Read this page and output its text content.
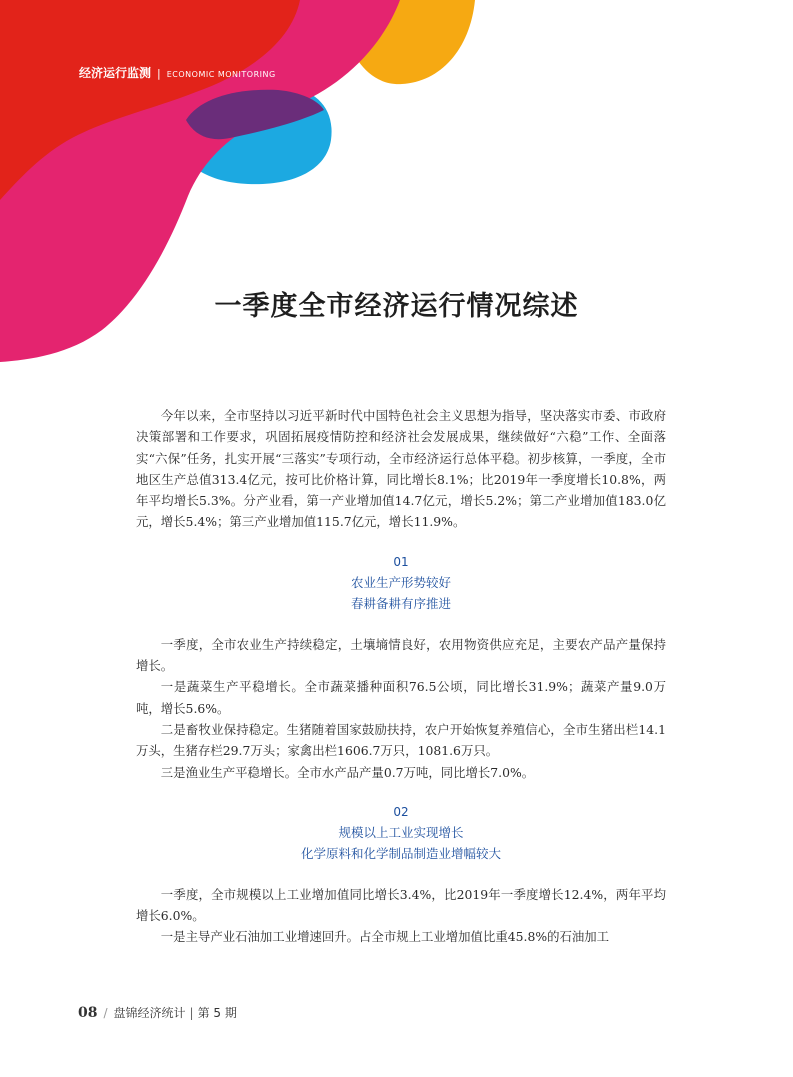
经济运行监测 | ECONOMIC MONITORING
一季度全市经济运行情况综述

今年以来，全市坚持以习近平新时代中国特色社会主义思想为指导，坚决落实市委、市政府决策部署和工作要求，巩固拓展疫情防控和经济社会发展成果，继续做好“六稳”工作、全面落实“六保”任务，扎实开展“三落实”专项行动，全市经济运行总体平稳。初步核算，一季度，全市地区生产总值313.4亿元，按可比价格计算，同比增长8.1%；比2019年一季度增长10.8%，两年平均增长5.3%。分产业看，第一产业增加值14.7亿元，增长5.2%；第二产业增加值183.0亿元，增长5.4%；第三产业增加值115.7亿元，增长11.9%。

01
农业生产形势较好
春耕备耕有序推进

一季度，全市农业生产持续稳定，土壤墒情良好，农用物资供应充足，主要农产品产量保持增长。

一是蔬菜生产平稳增长。全市蔬菜播种面积76.5公顷，同比增长31.9%；蔬菜产量9.0万吨，增长5.6%。

二是畜牧业保持稳定。生猪随着国家鼓励扶持，农户开始恢复养殖信心，全市生猪出栏14.1万头，生猪存栏29.7万头；家禽出栏1606.7万只，1081.6万只。

三是渔业生产平稳增长。全市水产品产量0.7万吨，同比增长7.0%。

02
规模以上工业实现增长
化学原料和化学制品制造业增幅较大

一季度，全市规模以上工业增加值同比增长3.4%，比2019年一季度增长12.4%，两年平均增长6.0%。

一是主导产业石油加工业增速回升。占全市规上工业增加值比重45.8%的石油加工

08 / 盘锦经济统计 | 第 5 期
